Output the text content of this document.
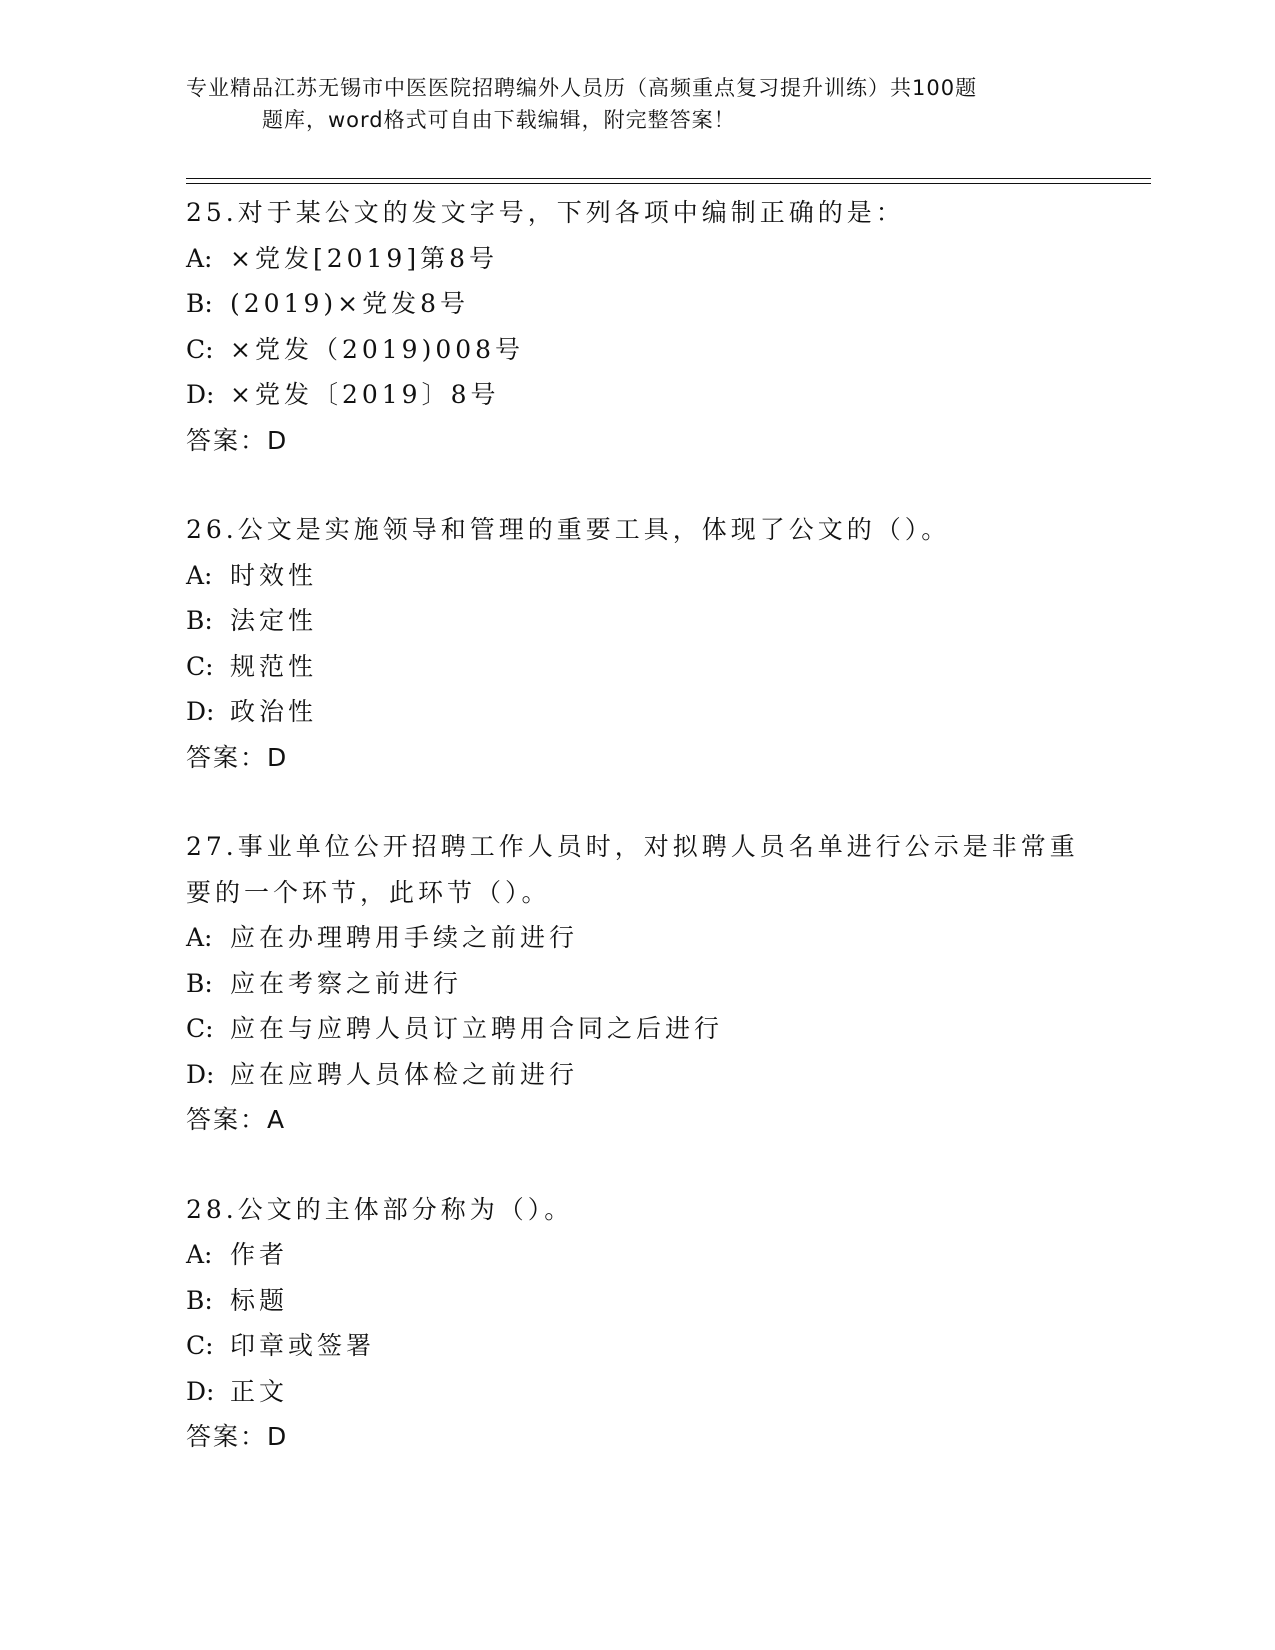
专业精品江苏无锡市中医医院招聘编外人员历（高频重点复习提升训练）共100题
题库，word格式可自由下载编辑，附完整答案！

25.对于某公文的发文字号，下列各项中编制正确的是：

A: ×党发[2019]第8号

B: (2019)×党发8号

C: ×党发（2019)008号

D: ×党发〔2019〕8号

答案：D

26.公文是实施领导和管理的重要工具，体现了公文的（）。

A: 时效性

B: 法定性

C: 规范性

D: 政治性

答案：D

27.事业单位公开招聘工作人员时，对拟聘人员名单进行公示是非常重要的一个环节，此环节（）。

A: 应在办理聘用手续之前进行

B: 应在考察之前进行

C: 应在与应聘人员订立聘用合同之后进行

D: 应在应聘人员体检之前进行

答案：A

28.公文的主体部分称为（）。

A: 作者

B: 标题

C: 印章或签署

D: 正文

答案：D
